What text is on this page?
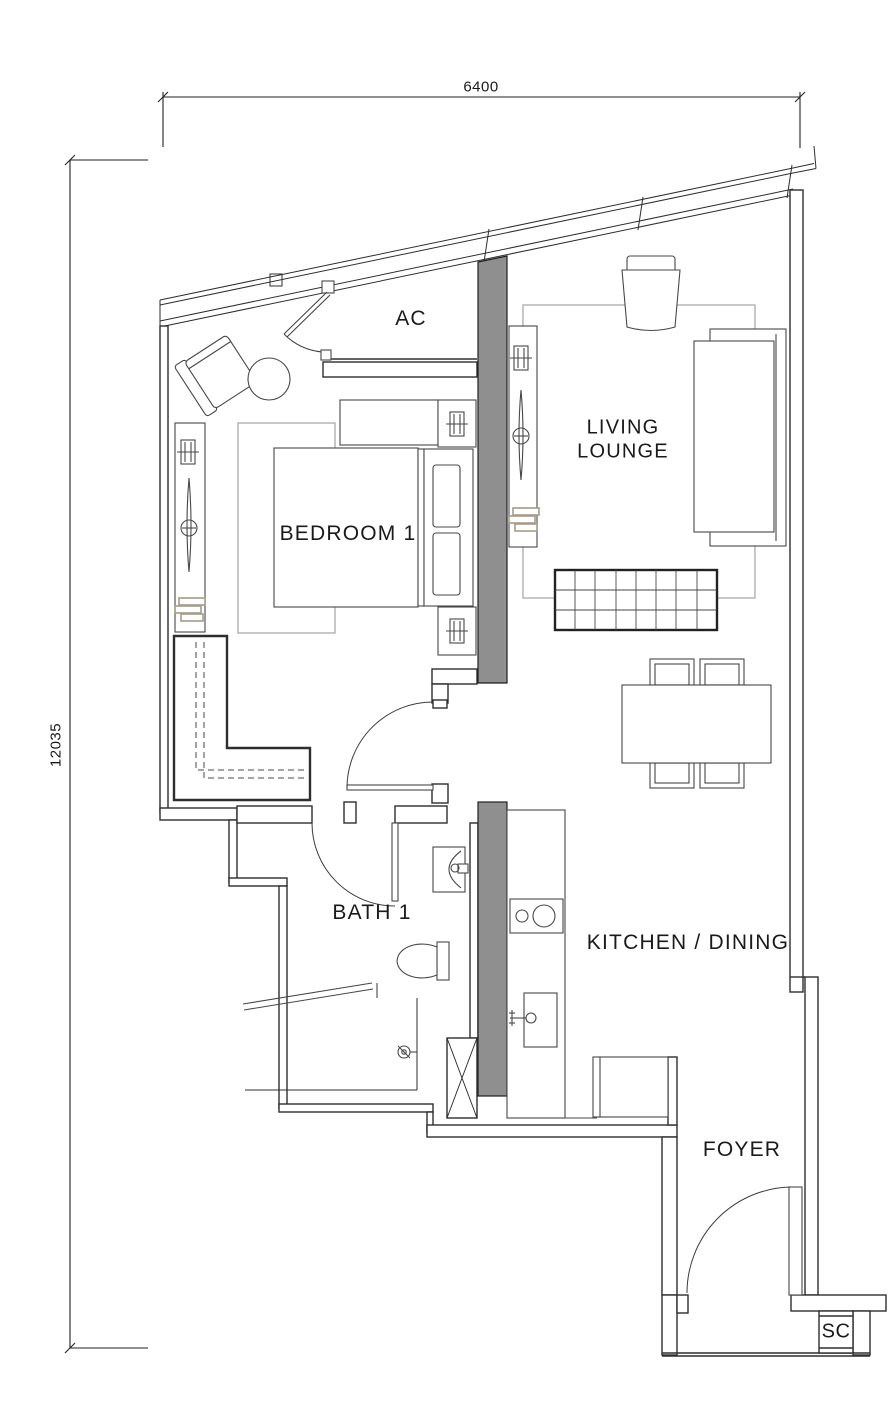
6400
12035
AC
BEDROOM 1
LIVING
LOUNGE
BATH 1
KITCHEN / DINING
FOYER
SC
